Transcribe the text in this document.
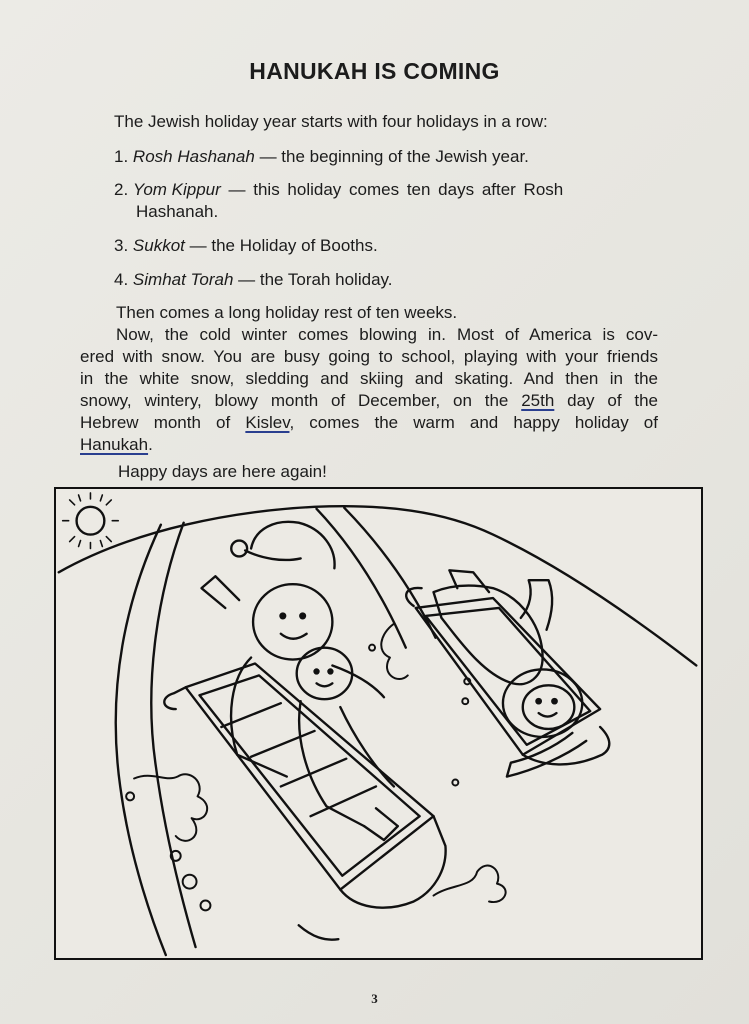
HANUKAH IS COMING
The Jewish holiday year starts with four holidays in a row:
1. Rosh Hashanah — the beginning of the Jewish year.
2. Yom Kippur — this holiday comes ten days after Rosh
Hashanah.
3. Sukkot — the Holiday of Booths.
4. Simhat Torah — the Torah holiday.
Then comes a long holiday rest of ten weeks.
Now, the cold winter comes blowing in. Most of America is cov-
ered with snow. You are busy going to school, playing with your friends
in the white snow, sledding and skiing and skating. And then in the
snowy, wintery, blowy month of December, on the 25th day of the
Hebrew month of Kislev, comes the warm and happy holiday of
Hanukah.
Happy days are here again!
3
